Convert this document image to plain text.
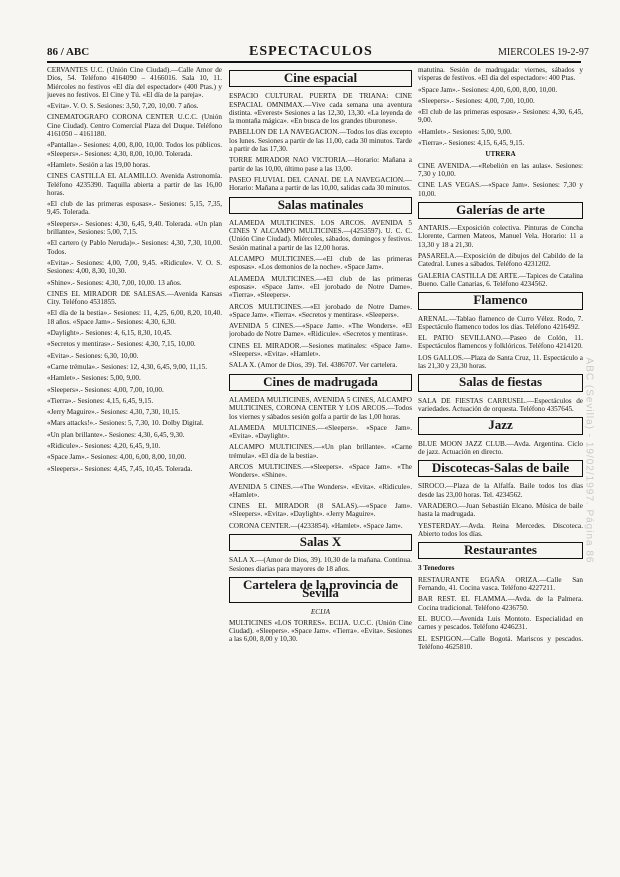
86 / ABC	ESPECTACULOS	MIERCOLES 19-2-97
CERVANTES U.C. (Unión Cine Ciudad).—Calle Amor de Dios, 54. Teléfono 4164090 – 4166016. Sala 10, 11. Miércoles no festivos «El día del espectador» (400 Ptas.) y jueves no festivos. El Cine y Tú. «El día de la pareja».
«Evita». V. O. S. Sesiones: 3,50, 7,20, 10,00. 7 años.
CINEMATOGRAFO CORONA CENTER U.C.C. (Unión Cine Ciudad). Centro Comercial Plaza del Duque. Teléfono 4161050 – 4161180.
«Pantalla».- Sesiones: 4,00, 8,00, 10,00. Todos los públicos. «Sleepers».- Sesiones: 4,30, 8,00, 10,00. Tolerada.
«Hamlet». Sesión a las 19,00 horas.
CINES CASTILLA EL ALAMILLO. Avenida Astronomía. Teléfono 4235390. Taquilla abierta a partir de las 16,00 horas.
«El club de las primeras esposas».- Sesiones: 5,15, 7,35, 9,45. Tolerada.
«Sleepers».- Sesiones: 4,30, 6,45, 9,40. Tolerada. «Un plan brillante», Sesiones: 5,00, 7,15.
«El cartero (y Pablo Neruda)».- Sesiones: 4,30, 7,30, 10,00. Todos.
«Evita».- Sesiones: 4,00, 7,00, 9,45. «Ridicule». V. O. S. Sesiones: 4,00, 8,30, 10,30.
«Shine».- Sesiones: 4,30, 7,00, 10,00. 13 años.
CINES EL MIRADOR DE SALESAS.—Avenida Kansas City. Teléfono 4531855.
«El día de la bestia».- Sesiones: 11, 4,25, 6,00, 8,20, 10,40. 18 años. «Space Jam».- Sesiones: 4,30, 6,30.
«Daylight».- Sesiones: 4, 6,15, 8,30, 10,45.
«Secretos y mentiras».- Sesiones: 4,30, 7,15, 10,00.
«Evita».- Sesiones: 6,30, 10,00.
«Carne trémula».- Sesiones: 12, 4,30, 6,45, 9,00, 11,15.
«Hamlet».- Sesiones: 5,00, 9,00.
«Sleepers».- Sesiones: 4,00, 7,00, 10,00.
«Tierra».- Sesiones: 4,15, 6,45, 9,15.
«Jerry Maguire».- Sesiones: 4,30, 7,30, 10,15.
«Mars attacks!».- Sesiones: 5, 7,30, 10. Dolby Digital.
«Un plan brillante».- Sesiones: 4,30, 6,45, 9,30.
«Ridicule».- Sesiones: 4,20, 6,45, 9,10.
«Space Jam».- Sesiones: 4,00, 6,00, 8,00, 10,00.
«Sleepers».- Sesiones: 4,45, 7,45, 10,45. Tolerada.
Cine espacial
ESPACIO CULTURAL PUERTA DE TRIANA: CINE ESPACIAL OMNIMAX.—Vive cada semana una aventura distinta. «Everest» Sesiones a las 12,30, 13,30. «La leyenda de la montaña mágica». «En busca de los grandes tiburones».
PABELLON DE LA NAVEGACION.—Todos los días excepto los lunes. Sesiones a partir de las 11,00, cada 30 minutos. Tarde a partir de las 17,30.
TORRE MIRADOR NAO VICTORIA.—Horario: Mañana a partir de las 10,00, último pase a las 13,00.
PASEO FLUVIAL DEL CANAL DE LA NAVEGACION.—Horario: Mañana a partir de las 10,00, salidas cada 30 minutos.
Salas matinales
ALAMEDA MULTICINES. LOS ARCOS. AVENIDA 5 CINES Y ALCAMPO MULTICINES.—(4253597). U. C. C. (Unión Cine Ciudad). Miércoles, sábados, domingos y festivos. Sesión matinal a partir de las 12,00 horas.
ALCAMPO MULTICINES.—«El club de las primeras esposas». «Los demonios de la noche». «Space Jam».
ALAMEDA MULTICINES.—«El club de las primeras esposas». «Space Jam». «El jorobado de Notre Dame». «Tierra». «Sleepers».
ARCOS MULTICINES.—«El jorobado de Notre Dame». «Space Jam». «Tierra». «Secretos y mentiras». «Sleepers».
AVENIDA 5 CINES.—«Space Jam». «The Wonders». «El jorobado de Notre Dame». «Ridicule». «Secretos y mentiras».
CINES EL MIRADOR.—Sesiones matinales: «Space Jam». «Sleepers». «Evita». «Hamlet».
SALA X. (Amor de Dios, 39). Tel. 4386707. Ver cartelera.
Cines de madrugada
ALAMEDA MULTICINES, AVENIDA 5 CINES, ALCAMPO MULTICINES, CORONA CENTER Y LOS ARCOS.—Todos los viernes y sábados sesión golfa a partir de las 1,00 horas.
ALAMEDA MULTICINES.—«Sleepers». «Space Jam». «Evita». «Daylight».
ALCAMPO MULTICINES.—«Un plan brillante». «Carne trémula». «El día de la bestia».
ARCOS MULTICINES.—«Sleepers». «Space Jam». «The Wonders». «Shine».
AVENIDA 5 CINES.—«The Wonders». «Evita». «Ridicule». «Hamlet».
CINES EL MIRADOR (8 SALAS).—«Space Jam». «Sleepers». «Evita». «Daylight». «Jerry Maguire».
CORONA CENTER.—(4233854). «Hamlet». «Space Jam».
Salas X
SALA X.—(Amor de Dios, 39). 10,30 de la mañana. Continua. Sesiones diarias para mayores de 18 años.
Cartelera de la provincia de Sevilla
ECIJA
MULTICINES «LOS TORRES». ECIJA. U.C.C. (Unión Cine Ciudad). «Sleepers». «Space Jam». «Tierra». «Evita». Sesiones a las 6,00, 8,00 y 10,30.
matutina. Sesión de madrugada: viernes, sábados y vísperas de festivos. «El día del espectador»: 400 Ptas.
«Space Jam».- Sesiones: 4,00, 6,00, 8,00, 10,00.
«Sleepers».- Sesiones: 4,00, 7,00, 10,00.
«El club de las primeras esposas».- Sesiones: 4,30, 6,45, 9,00.
«Hamlet».- Sesiones: 5,00, 9,00.
«Tierra».- Sesiones: 4,15, 6,45, 9,15.
UTRERA
CINE AVENIDA.—«Rebelión en las aulas». Sesiones: 7,30 y 10,00.
CINE LAS VEGAS.—«Space Jam». Sesiones: 7,30 y 10,00.
Galerías de arte
ANTARIS.—Exposición colectiva. Pinturas de Concha Llorente, Carmen Mateos, Manuel Vela. Horario: 11 a 13,30 y 18 a 21,30.
PASARELA.—Exposición de dibujos del Cabildo de la Catedral. Lunes a sábados. Teléfono 4231202.
GALERIA CASTILLA DE ARTE.—Tapices de Catalina Bueno. Calle Canarias, 6. Teléfono 4234562.
Flamenco
ARENAL.—Tablao flamenco de Curro Vélez. Rodo, 7. Espectáculo flamenco todos los días. Teléfono 4216492.
EL PATIO SEVILLANO.—Paseo de Colón, 11. Espectáculos flamencos y folklóricos. Teléfono 4214120.
LOS GALLOS.—Plaza de Santa Cruz, 11. Espectáculo a las 21,30 y 23,30 horas.
Salas de fiestas
SALA DE FIESTAS CARRUSEL.—Espectáculos de variedades. Actuación de orquesta. Teléfono 4357645.
Jazz
BLUE MOON JAZZ CLUB.—Avda. Argentina. Ciclo de jazz. Actuación en directo.
Discotecas-Salas de baile
SIROCO.—Plaza de la Alfalfa. Baile todos los días desde las 23,00 horas. Tel. 4234562.
VARADERO.—Juan Sebastián Elcano. Música de baile hasta la madrugada.
YESTERDAY.—Avda. Reina Mercedes. Discoteca. Abierto todos los días.
Restaurantes
3 Tenedores
RESTAURANTE EGAÑA ORIZA.—Calle San Fernando, 41. Cocina vasca. Teléfono 4227211.
BAR REST. EL FLAMMA.—Avda. de la Palmera. Cocina tradicional. Teléfono 4236750.
EL BUCO.—Avenida Luis Montoto. Especialidad en carnes y pescados. Teléfono 4246231.
EL ESPIGON.—Calle Bogotá. Mariscos y pescados. Teléfono 4625810.
ABC (Sevilla) - 19/02/1997. Página 86
